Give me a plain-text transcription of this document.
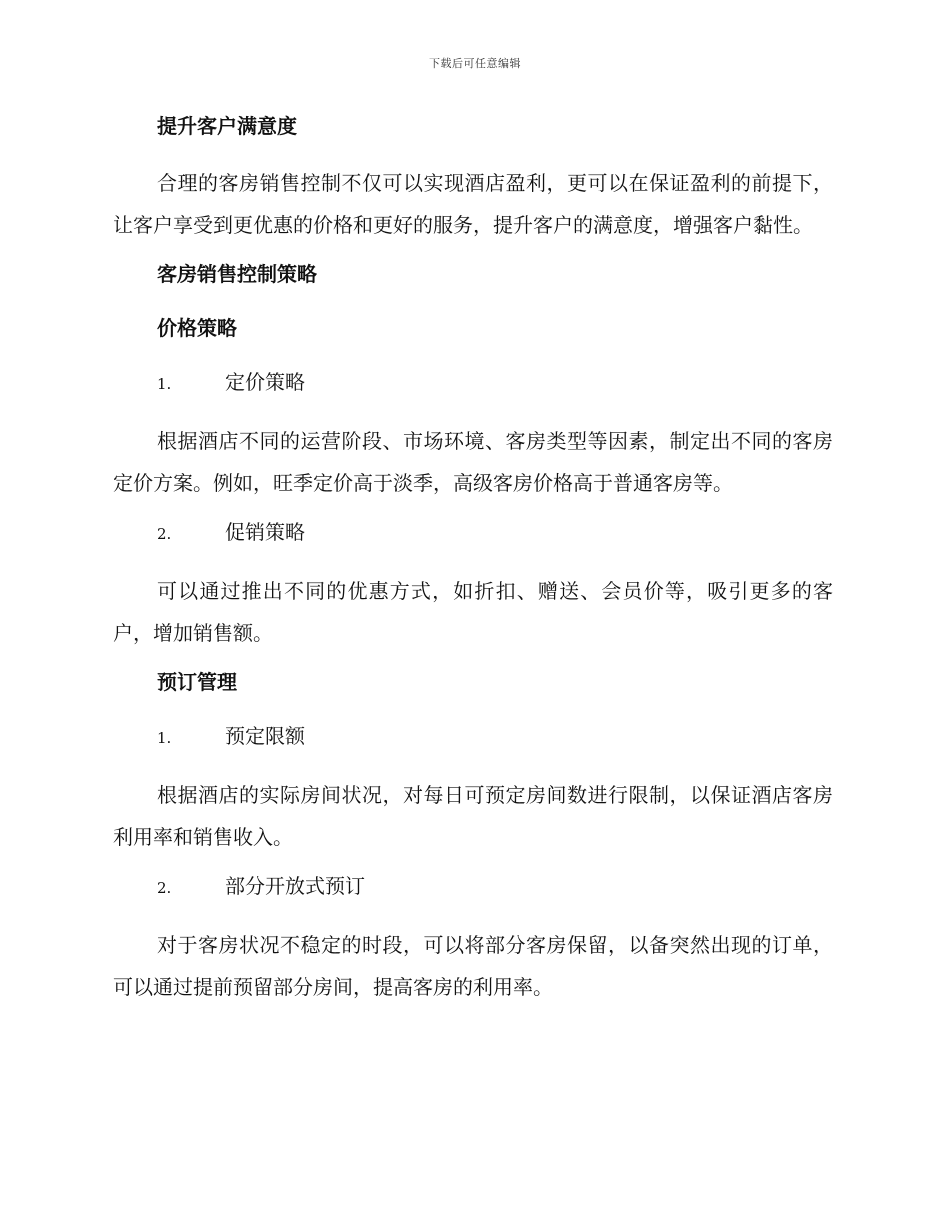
下载后可任意编辑
提升客户满意度
合理的客房销售控制不仅可以实现酒店盈利，更可以在保证盈利的前提下，让客户享受到更优惠的价格和更好的服务，提升客户的满意度，增强客户黏性。
客房销售控制策略
价格策略
1.	定价策略
根据酒店不同的运营阶段、市场环境、客房类型等因素，制定出不同的客房定价方案。例如，旺季定价高于淡季，高级客房价格高于普通客房等。
2.	促销策略
可以通过推出不同的优惠方式，如折扣、赠送、会员价等，吸引更多的客户，增加销售额。
预订管理
1.	预定限额
根据酒店的实际房间状况，对每日可预定房间数进行限制，以保证酒店客房利用率和销售收入。
2.	部分开放式预订
对于客房状况不稳定的时段，可以将部分客房保留，以备突然出现的订单，可以通过提前预留部分房间，提高客房的利用率。
